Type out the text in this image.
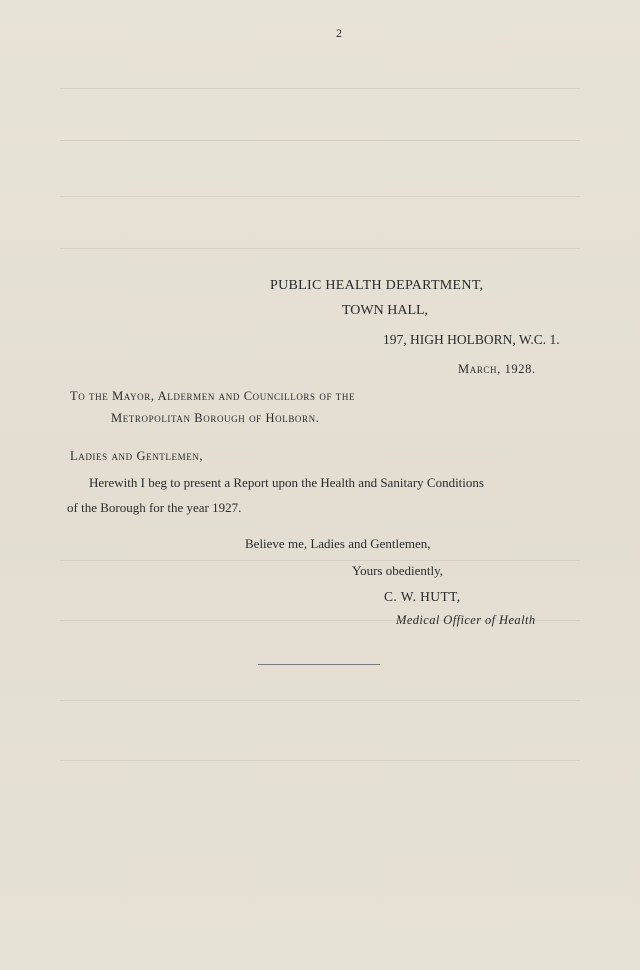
2
PUBLIC HEALTH DEPARTMENT,
TOWN HALL,
197, HIGH HOLBORN, W.C. 1.
March, 1928.
To the Mayor, Aldermen and Councillors of the
Metropolitan Borough of Holborn.
Ladies and Gentlemen,
Herewith I beg to present a Report upon the Health and Sanitary Conditions
of the Borough for the year 1927.
Believe me, Ladies and Gentlemen,
Yours obediently,
C. W. HUTT,
Medical Officer of Health
